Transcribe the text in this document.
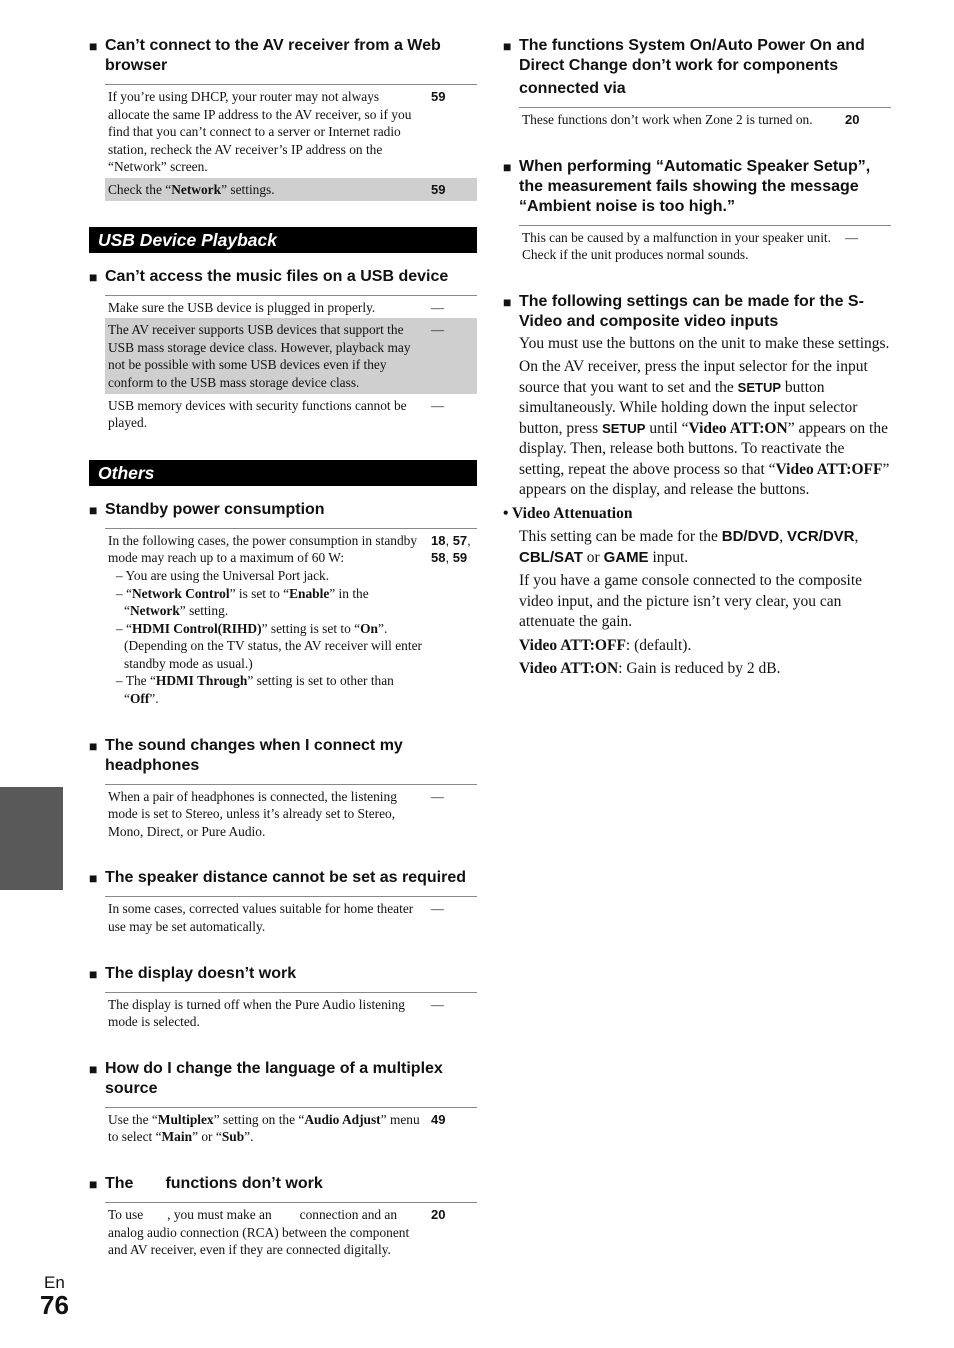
■ Can’t connect to the AV receiver from a Web browser
If you’re using DHCP, your router may not always allocate the same IP address to the AV receiver, so if you find that you can’t connect to a server or Internet radio station, recheck the AV receiver’s IP address on the “Network” screen.
59
Check the “Network” settings.	59
USB Device Playback
■ Can’t access the music files on a USB device
Make sure the USB device is plugged in properly.	—
The AV receiver supports USB devices that support the USB mass storage device class. However, playback may not be possible with some USB devices even if they conform to the USB mass storage device class.
—
USB memory devices with security functions cannot be played.
—
Others
■ Standby power consumption
In the following cases, the power consumption in standby mode may reach up to a maximum of 60 W:

– You are using the Universal Port jack.
– “Network Control” is set to “Enable” in the “Network” setting.
– “HDMI Control(RIHD)” setting is set to “On”. (Depending on the TV status, the AV receiver will enter standby mode as usual.)
– The “HDMI Through” setting is set to other than “Off”.
18, 57,
58, 59
■ The sound changes when I connect my headphones
When a pair of headphones is connected, the listening mode is set to Stereo, unless it’s already set to Stereo, Mono, Direct, or Pure Audio.
—
■ The speaker distance cannot be set as required
In some cases, corrected values suitable for home theater use may be set automatically.
—
■ The display doesn’t work
The display is turned off when the Pure Audio listening mode is selected.
—
■ How do I change the language of a multiplex source
Use the “Multiplex” setting on the “Audio Adjust” menu to select “Main” or “Sub”.
49
■ The functions don’t work
To use , you must make an connection and an analog audio connection (RCA) between the component and AV receiver, even if they are connected digitally.
20
■ The functions System On/Auto Power On and Direct Change don’t work for components
connected via
These functions don’t work when Zone 2 is turned on.	20
■ When performing “Automatic Speaker Setup”, the measurement fails showing the message “Ambient noise is too high.”
This can be caused by a malfunction in your speaker unit. Check if the unit produces normal sounds.
—
■ The following settings can be made for the S-Video and composite video inputs
You must use the buttons on the unit to make these settings.
On the AV receiver, press the input selector for the input source that you want to set and the SETUP button simultaneously. While holding down the input selector button, press SETUP until “Video ATT:ON” appears on the display. Then, release both buttons. To reactivate the setting, repeat the above process so that “Video ATT:OFF” appears on the display, and release the buttons.
• Video Attenuation
This setting can be made for the BD/DVD, VCR/DVR, CBL/SAT or GAME input.
If you have a game console connected to the composite video input, and the picture isn’t very clear, you can attenuate the gain.
Video ATT:OFF: (default).
Video ATT:ON: Gain is reduced by 2 dB.
En
76
